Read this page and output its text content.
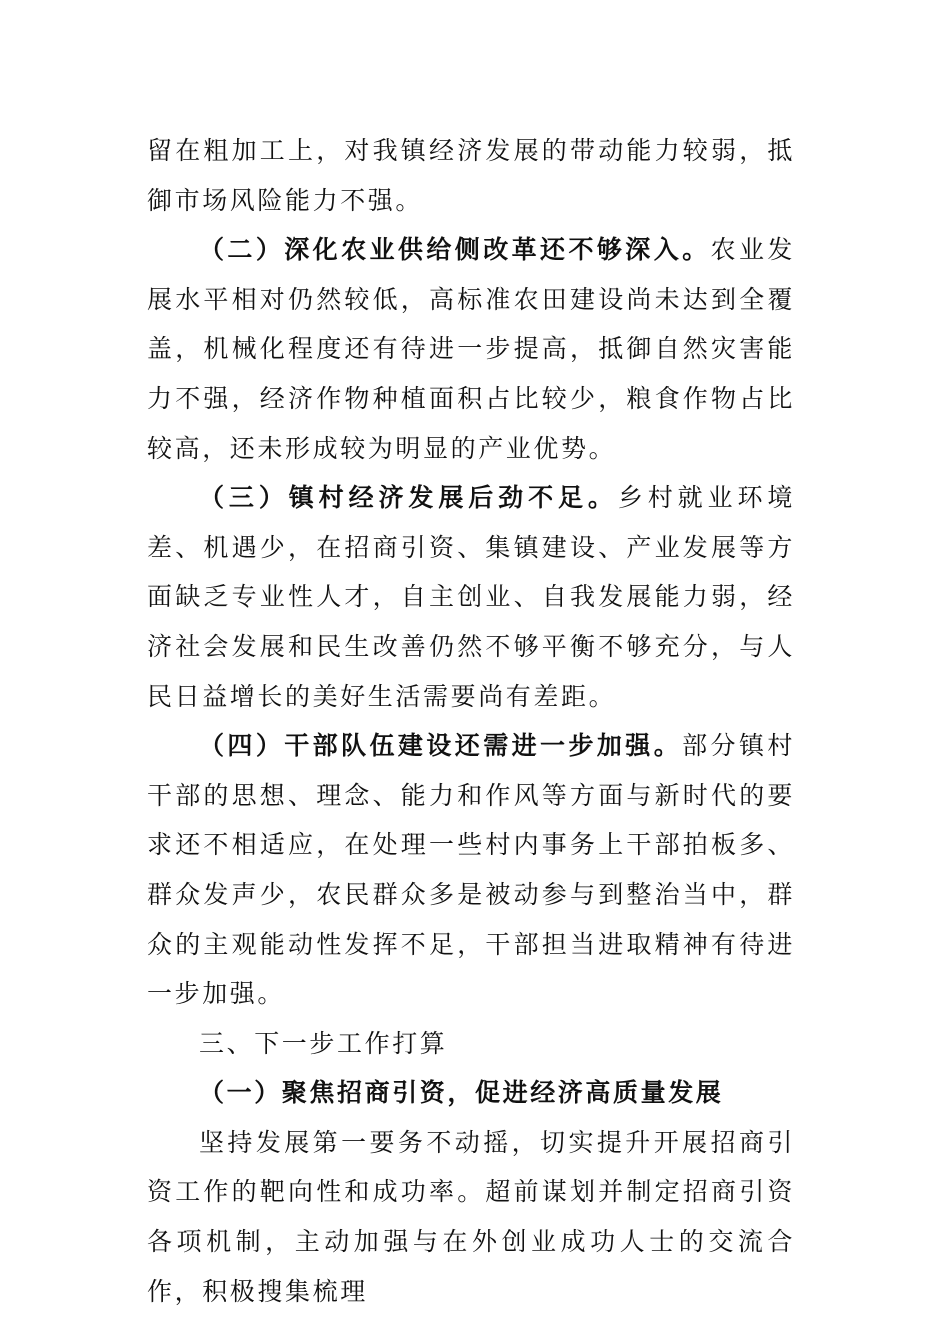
留在粗加工上，对我镇经济发展的带动能力较弱，抵御市场风险能力不强。

（二）深化农业供给侧改革还不够深入。农业发展水平相对仍然较低，高标准农田建设尚未达到全覆盖，机械化程度还有待进一步提高，抵御自然灾害能力不强，经济作物种植面积占比较少，粮食作物占比较高，还未形成较为明显的产业优势。

（三）镇村经济发展后劲不足。乡村就业环境差、机遇少，在招商引资、集镇建设、产业发展等方面缺乏专业性人才，自主创业、自我发展能力弱，经济社会发展和民生改善仍然不够平衡不够充分，与人民日益增长的美好生活需要尚有差距。

（四）干部队伍建设还需进一步加强。部分镇村干部的思想、理念、能力和作风等方面与新时代的要求还不相适应，在处理一些村内事务上干部拍板多、群众发声少，农民群众多是被动参与到整治当中，群众的主观能动性发挥不足，干部担当进取精神有待进一步加强。

三、下一步工作打算

（一）聚焦招商引资，促进经济高质量发展

坚持发展第一要务不动摇，切实提升开展招商引资工作的靶向性和成功率。超前谋划并制定招商引资各项机制，主动加强与在外创业成功人士的交流合作，积极搜集梳理
